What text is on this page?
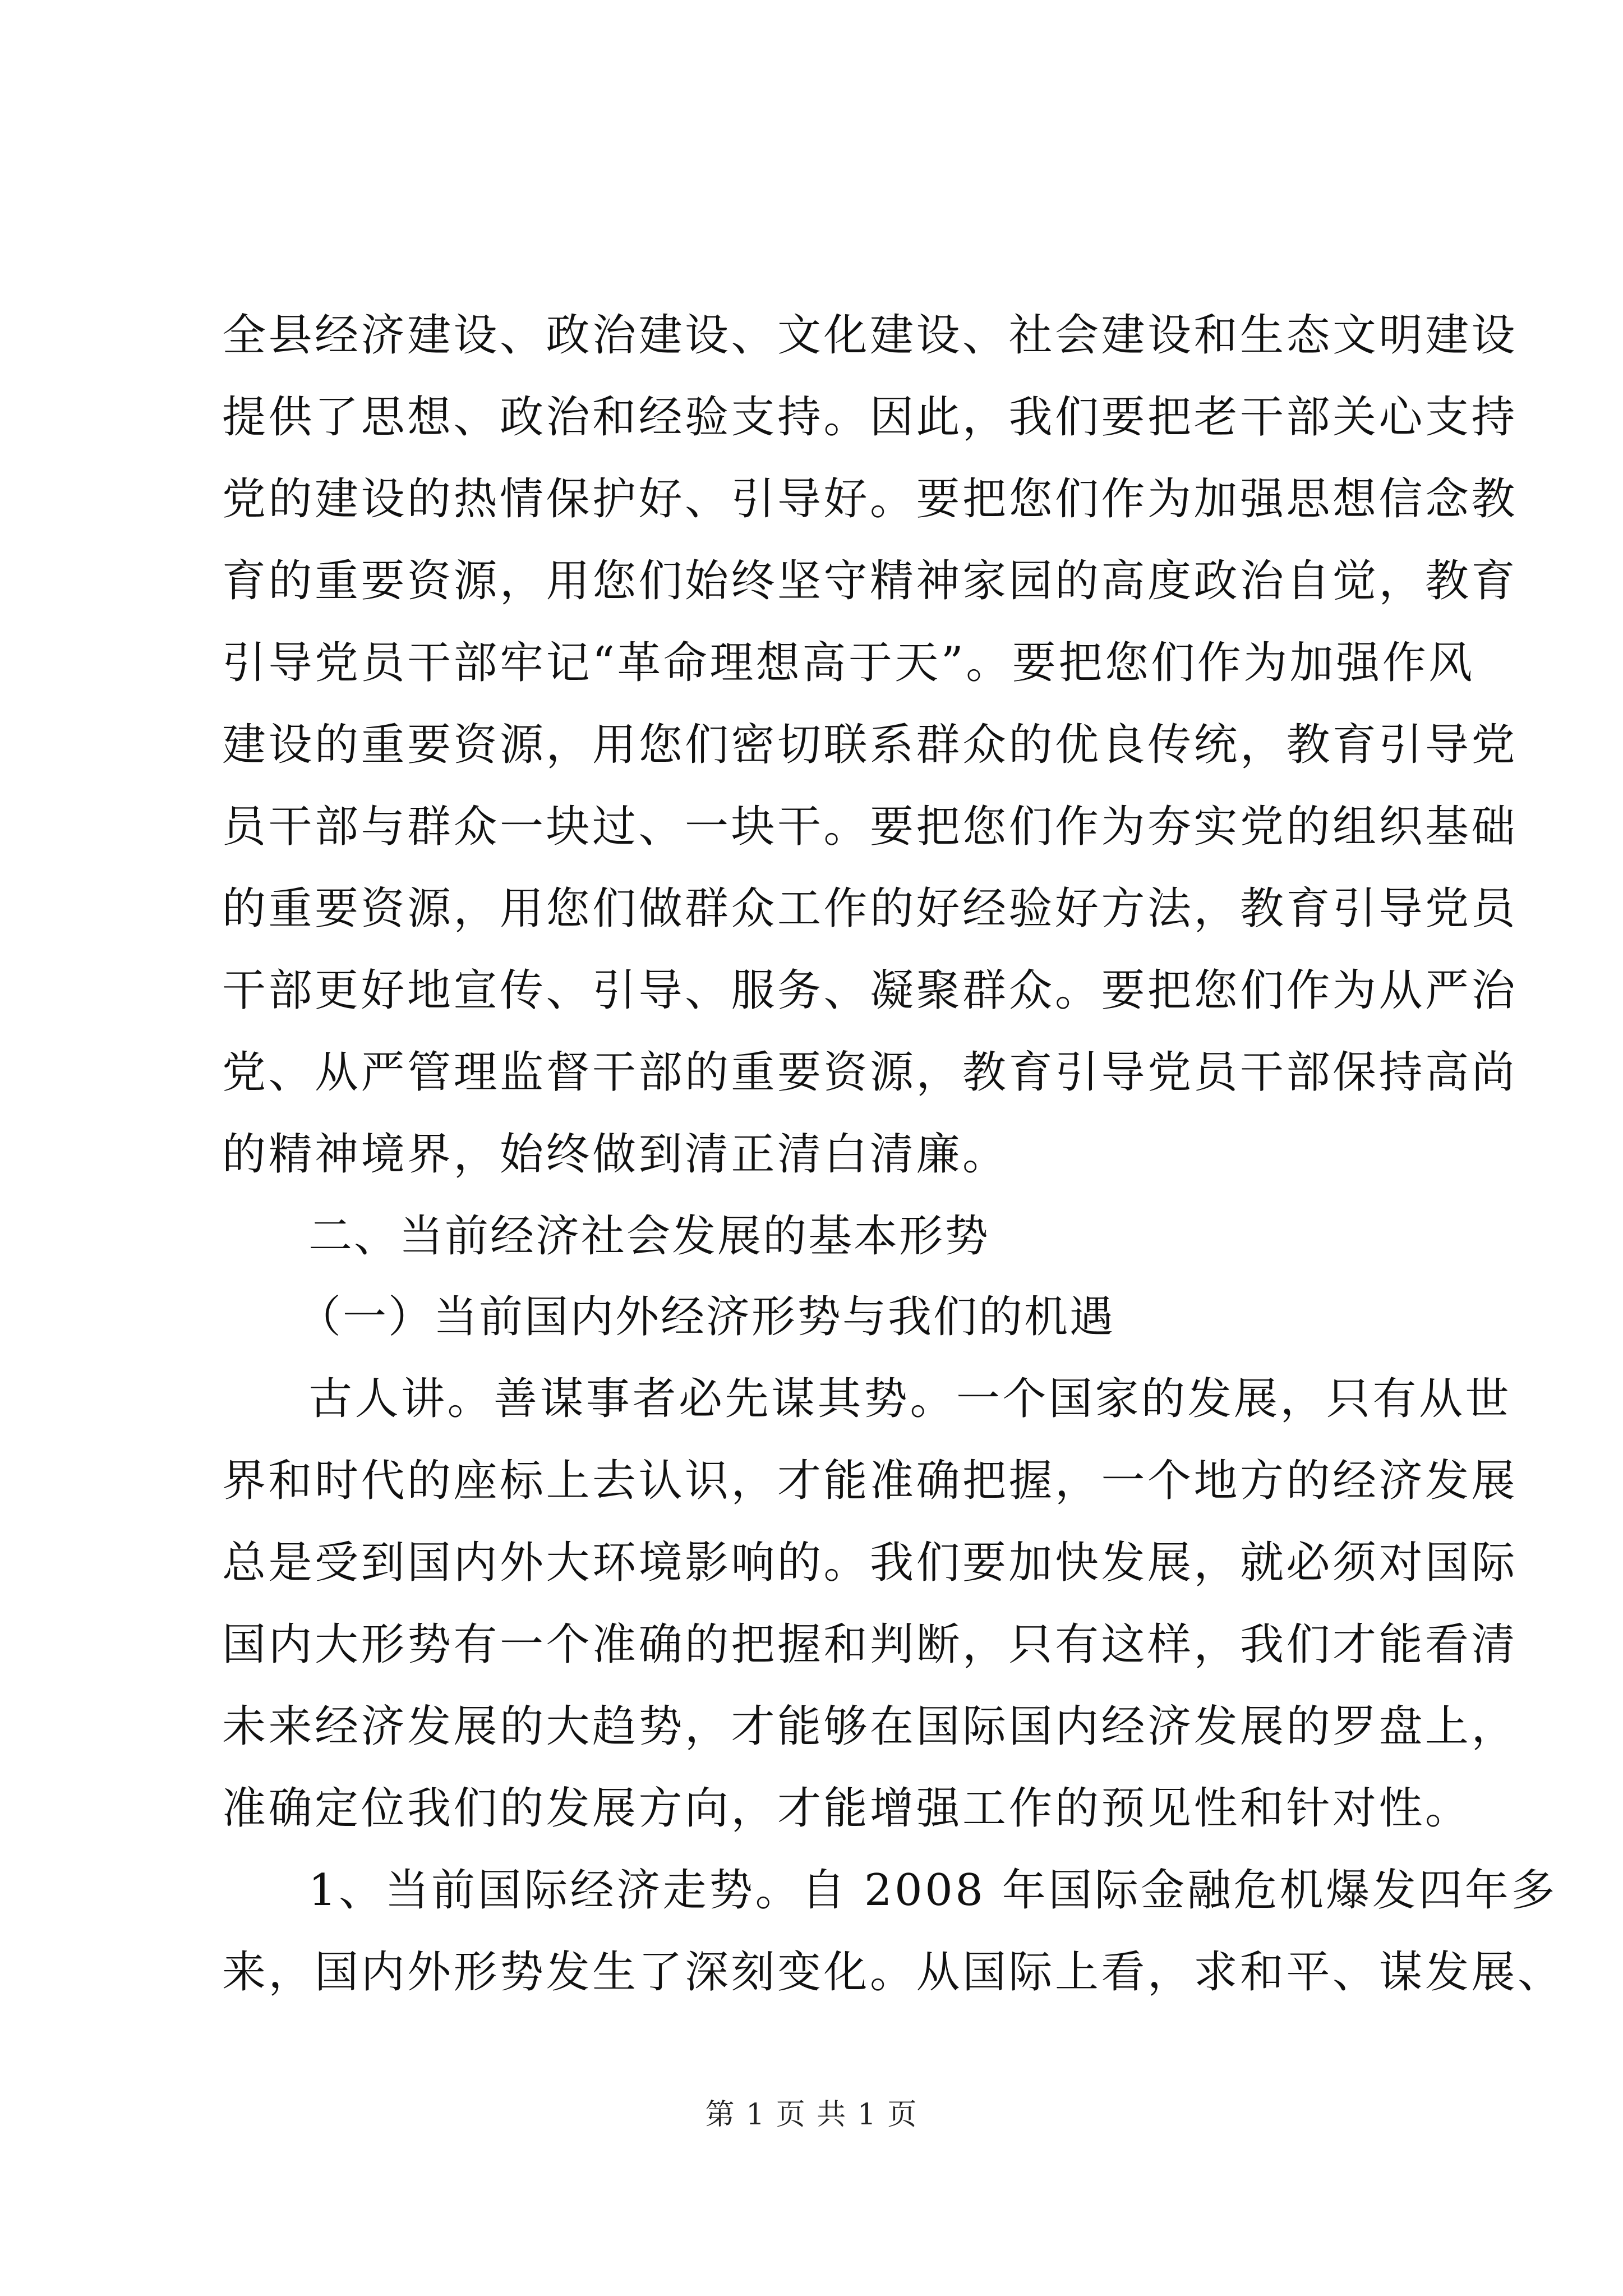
全县经济建设、政治建设、文化建设、社会建设和生态文明建设
提供了思想、政治和经验支持。因此，我们要把老干部关心支持
党的建设的热情保护好、引导好。要把您们作为加强思想信念教
育的重要资源，用您们始终坚守精神家园的高度政治自觉，教育
引导党员干部牢记“革命理想高于天”。要把您们作为加强作风
建设的重要资源，用您们密切联系群众的优良传统，教育引导党
员干部与群众一块过、一块干。要把您们作为夯实党的组织基础
的重要资源，用您们做群众工作的好经验好方法，教育引导党员
干部更好地宣传、引导、服务、凝聚群众。要把您们作为从严治
党、从严管理监督干部的重要资源，教育引导党员干部保持高尚
的精神境界，始终做到清正清白清廉。
二、当前经济社会发展的基本形势
（一）当前国内外经济形势与我们的机遇
古人讲。善谋事者必先谋其势。一个国家的发展，只有从世
界和时代的座标上去认识，才能准确把握，一个地方的经济发展
总是受到国内外大环境影响的。我们要加快发展，就必须对国际
国内大形势有一个准确的把握和判断，只有这样，我们才能看清
未来经济发展的大趋势，才能够在国际国内经济发展的罗盘上，
准确定位我们的发展方向，才能增强工作的预见性和针对性。
1、当前国际经济走势。自 2008 年国际金融危机爆发四年多
来，国内外形势发生了深刻变化。从国际上看，求和平、谋发展、
第 1 页 共 1 页
